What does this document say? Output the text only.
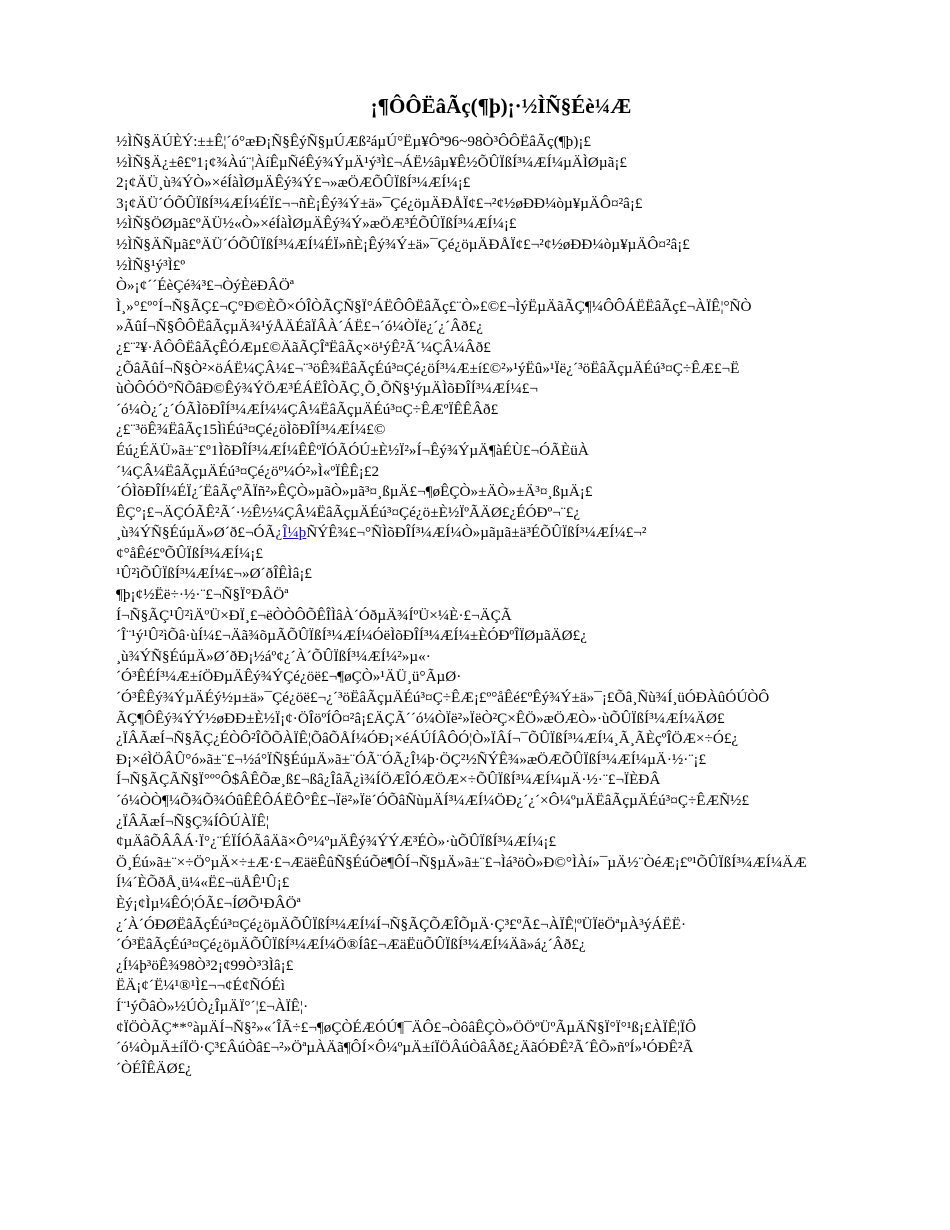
¡¶ÔÔËâÃç(¶þ)¡·½ÌÑ§Éè¼Æ
½ÌÑ§ÄÚÈÝ:±±Ê¦´ó°æÐ¡Ñ§ÊýÑ§µÚÆß²áµÚ°Ëµ¥Ôª96~98Ò³ÔÔËâÃç(¶þ)¡£
½ÌÑ§Ä¿±ê£º1¡¢¾Àú¨¦ÀíÊµÑéÊý¾ÝµÄ¹ý³Ì£¬ÁË½âµ¥Ê½ÕÛÏßÍ³¼ÆÍ¼µÄÌØµã¡£
2¡¢ÄÜ¸ù¾ÝÒ»×éÍàÌØµÄÊý¾Ý£¬»æÖÆÕÛÏßÍ³¼ÆÍ¼¡£
3¡¢ÄÜ´ÓÕÛÏßÍ³¼ÆÍ¼ÉÏ£¬¬ñÈ¡Êý¾Ý±ä»¯Çé¿öµÄÐÅÏ¢£¬²¢½øÐÐ¼òµ¥µÄÔ¤²â¡£
½ÌÑ§ÖØµã£ºÄÜ½«Ò»×éÍàÌØµÄÊý¾Ý»æÖÆ³ÉÕÛÏßÍ³¼ÆÍ¼¡£
½ÌÑ§ÄÑµã£ºÄÜ´ÓÕÛÏßÍ³¼ÆÍ¼ÉÏ»ñÈ¡Êý¾Ý±ä»¯Çé¿öµÄÐÅÏ¢£¬²¢½øÐÐ¼òµ¥µÄÔ¤²â¡£
½ÌÑ§¹ý³Ì£º
Ò»¡¢´´ÉèÇé¾³£¬ÒýÈëÐÂÖª
Ì¸»°£º°Í¬Ñ§ÃÇ£¬Ç°Ð©ÈÕ×ÓÎÒÃÇÑ§Ï°ÁËÔÔËâÃç£¨Ò»£©£¬ÌýËµÄãÃÇ¶¼ÔÔÁËËâÃç£¬ÀÏÊ¦°ÑÒ
»ÃûÍ¬Ñ§ÔÔËâÃçµÄ¾¹ýÅÄÉãÏÂÀ´ÁË£¬´ó¼ÒÏë¿´¿´Âð£¿
¿£¨²¥·ÅÔÔËâÃçÊÓÆµ£©ÄãÃÇÎªËâÃç×ö¹ýÊ²Ã´¼ÇÂ¼Âð£
¿ÕâÃûÍ¬Ñ§Ò²×öÁË¼ÇÂ¼£¬¨³öÊ¾ËâÃçÉú³¤Çé¿öÍ³¼Æ±í£©²»¹ýËû»¹Ïë¿´³öËâÃçµÄÉú³¤Ç÷ÊÆ£¬Ë
ùÒÔÓÖ°ÑÕâÐ©Êý¾ÝÖÆ³ÉÁËÎÒÃÇ¸Õ¸ÕÑ§¹ýµÄÌõÐÎÍ³¼ÆÍ¼£¬
´ó¼Ò¿´¿´ÓÃÌõÐÎÍ³¼ÆÍ¼¼ÇÂ¼ËâÃçµÄÉú³¤Ç÷ÊÆºÏÊÊÂð£
¿£¨³öÊ¾ËâÃç15ÌìÉú³¤Çé¿öÌõÐÎÍ³¼ÆÍ¼£©
Éú¿ÉÄÜ»ã±¨£º1ÌõÐÎÍ³¼ÆÍ¼ÊÊºÏÓÃÓÚ±È½Ï²»Í¬Êý¾ÝµÄ¶àÉÙ£¬ÓÃÈüÀ
´¼ÇÂ¼ËâÃçµÄÉú³¤Çé¿öº¼Ó²»Ì«ºÏÊÊ¡£2
´ÓÌõÐÎÍ¼ÉÏ¿´ËâÃçºÃÏñ²»ÊÇÒ»µãÒ»µã³¤¸ßµÄ£¬¶øÊÇÒ»±ÄÒ»±Ä³¤¸ßµÄ¡£
ÊÇ°¡£¬ÄÇÓÃÊ²Ã´·½Ê½¼ÇÂ¼ËâÃçµÄÉú³¤Çé¿ö±È½ÏºÃÄØ£¿ÉÓÐº¬¨£¿
¸ù¾ÝÑ§ÉúµÄ»Ø´ð£¬ÓÃ¿Î¼þÑÝÊ¾£¬°ÑÌõÐÎÍ³¼ÆÍ¼Ò»µãµã±ä³ÉÕÛÏßÍ³¼ÆÍ¼£¬²
¢°åÊé£ºÕÛÏßÍ³¼ÆÍ¼¡£
¹Û²ìÕÛÏßÍ³¼ÆÍ¼£¬»Ø´ðÎÊÌâ¡£
¶þ¡¢½Ëë÷·½·¨£¬Ñ§Ï°ÐÂÖª
Í¬Ñ§ÃÇ¹Û²ìÄºÜ×ÐÏ¸£¬ëÒÒÔÕÊÎÌâÀ´ÓðµÄ¾ÍºÜ×¼È·£¬ÄÇÃ
´Î¨¹ý¹Û²ìÕâ·ùÍ¼£¬Äã¾õµÃÕÛÏßÍ³¼ÆÍ¼ÓëÌõÐÎÍ³¼ÆÍ¼±ÈÓÐºÎÏØµãÄØ£¿
¸ù¾ÝÑ§ÉúµÄ»Ø´ðÐ¡½áº¢¿´À´ÕÛÏßÍ³¼ÆÍ¼²»µ«·
´Ó³ÊÉÍ³¼Æ±íÖÐµÄÊý¾ÝÇé¿öë£¬¶øÇÒ»¹ÄÜ¸ü°ÃµØ·
´Ó³ÊÊý¾ÝµÄÉý½µ±ä»¯Çé¿öë£¬¿´³öËâÃçµÄÉú³¤Ç÷ÊÆ¡£º°åÊé£ºÊý¾Ý±ä»¯¡£Õâ¸Ñù¾Í¸üÓÐÀûÓÚÒÔ
ÃÇ¶ÔÊý¾ÝÝ½øÐÐ±È½Ï¡¢·ÖÎöºÍÔ¤²â¡£ÄÇÃ´´ó¼ÒÏë²»ÏëÒ²Ç×ÊÖ»æÖÆÒ»·ùÕÛÏßÍ³¼ÆÍ¼ÄØ£
¿ÏÂÃæÍ¬Ñ§ÃÇ¿ÉÒÔ²ÎÕÕÀÏÊ¦ÕâÕÅÍ¼ÓÐ¡×éÁÚÍÂÔÓ¦Ò»ÏÂÍ¬¯ÕÛÏßÍ³¼ÆÍ¼¸Ã¸ÃÈçºÎÖÆ×÷Ó£¿
Ð¡×éÌÖÂÛ°ó»ã±¨£¬½á°ÏÑ§ÉúµÄ»ã±¨ÓÃ¨ÓÃ¿Î¼þ·ÖÇ²½ÑÝÊ¾»æÖÆÕÛÏßÍ³¼ÆÍ¼µÄ·½·¨¡£
Í¬Ñ§ÃÇÃÑ§Ï°º°Ô$ÂÊÕæ¸ß£¬ßâ¿ÎâÃ¿ì¾ÍÖÆÎÓÆÖÆ×÷ÕÛÏßÍ³¼ÆÍ¼µÄ·½·¨£¬ÏÈÐÂ
´ó¼ÒÒ¶¼Õ¾Õ¾ÓûÊÊÔÁËÔ°Ê£¬Ïë²»Ïë´ÓÕâÑùµÄÍ³¼ÆÍ¼ÖÐ¿´¿´×Ô¼ºµÄËâÃçµÄÉú³¤Ç÷ÊÆÑ½£
¿ÏÂÃæÍ¬Ñ§Ç¾ÍÔÚÀÏÊ¦
¢µÄâÕÂÂÁ·Ï°¿¨ÉÏÍÓÃâÄã×Ô°¼ºµÄÊý¾ÝÝÆ³ÉÒ»·ùÕÛÏßÍ³¼ÆÍ¼¡£
Ö¸Éú»ã±¨×÷Ö°µÄ×÷±Æ·£¬ÆäëÊûÑ§ÉúÕë¶ÔÍ¬Ñ§µÄ»ã±¨£¬Ìá³öÒ»Ð©°ÌÀí»¯µÄ½¨ÒéÆ¡£º¹ÕÛÏßÍ³¼ÆÍ¼ÄÆ
Í¼´ÈÕðÅ¸ü¼«Ë£¬üÅÊ¹Û¡£
Èý¡¢Ìµ¼ÊÓ¦ÓÃ£¬ÍØÕ¹ÐÂÖª
¿´À´ÓÐØËâÃçÉú³¤Çé¿öµÄÕÛÏßÍ³¼ÆÍ¼Í¬Ñ§ÃÇÕÆÎÕµÄ·Ç³£ºÃ£¬ÀÏÊ¦ºÜÏëÖªµÀ³ýÁËË·
´Ó³ËâÃçÉú³¤Çé¿öµÄÕÛÏßÍ³¼ÆÍ¼Ö®Íâ£¬ÆäËüÕÛÏßÍ³¼ÆÍ¼Äã»á¿´Âð£¿
¿Í¼þ³öÊ¾98Ò³2¡¢99Ò³3Ìâ¡£
ËÄ¡¢´Ë¼¹®¹Ì£¬¬¢É¢ÑÓÉì
Í¨¹ýÕâÒ»½ÚÒ¿ÎµÄÏ°´¦£¬ÀÏÊ¦·
¢ÏÖÒÃÇ**°àµÄÍ¬Ñ§²»«´ÎÃ÷£¬¶øÇÒÉÆÓÚ¶¯ÄÔ£¬ÒôâÊÇÒ»ÖÖºÜºÃµÄÑ§Ï°Ï°¹ß¡£ÀÏÊ¦ÏÔ
´ó¼ÒµÄ±íÏÖ·Ç³£ÂúÒâ£¬²»ÖªµÀÄã¶ÔÍ×Ô¼ºµÄ±íÏÖÂúÒâÂð£¿ÄãÓÐÊ²Ã´ÊÕ»ñºÍ»¹ÓÐÊ²Ã
´ÒÉÎÊÄØ£¿
